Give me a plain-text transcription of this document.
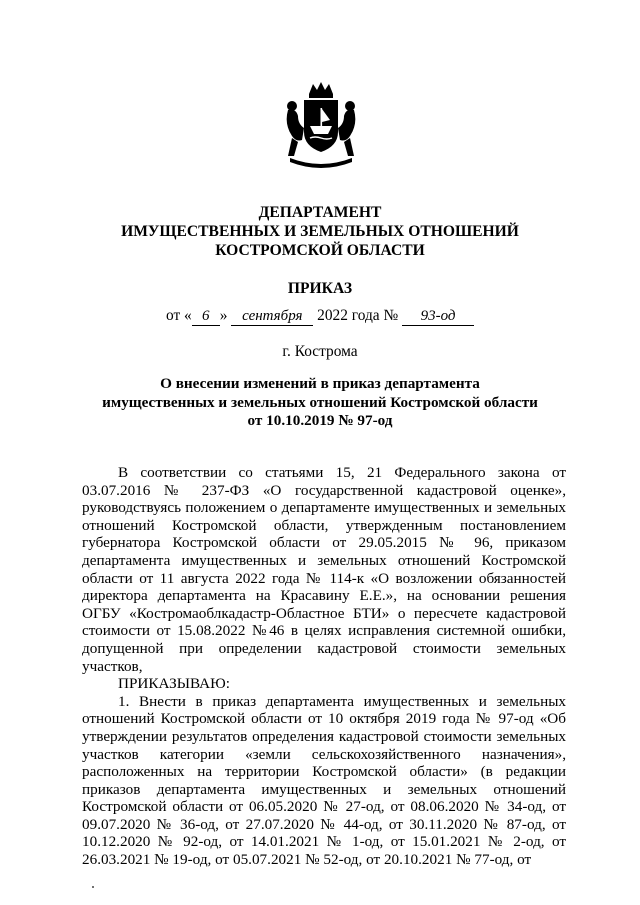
ДЕПАРТАМЕНТ
ИМУЩЕСТВЕННЫХ И ЗЕМЕЛЬНЫХ ОТНОШЕНИЙ
КОСТРОМСКОЙ ОБЛАСТИ
ПРИКАЗ
от « 6 » сентября 2022 года № 93-од
г. Кострома
О внесении изменений в приказ департамента
имущественных и земельных отношений Костромской области
от 10.10.2019 № 97-од

В соответствии со статьями 15, 21 Федерального закона от 03.07.2016 № 237-ФЗ «О государственной кадастровой оценке», руководствуясь положением о департаменте имущественных и земельных отношений Костромской области, утвержденным постановлением губернатора Костромской области от 29.05.2015 № 96, приказом департамента имущественных и земельных отношений Костромской области от 11 августа 2022 года № 114-к «О возложении обязанностей директора департамента на Красавину Е.Е.», на основании решения ОГБУ «Костромаоблкадастр-Областное БТИ» о пересчете кадастровой стоимости от 15.08.2022 №46 в целях исправления системной ошибки, допущенной при определении кадастровой стоимости земельных участков,

ПРИКАЗЫВАЮ:

1. Внести в приказ департамента имущественных и земельных отношений Костромской области от 10 октября 2019 года № 97-од «Об утверждении результатов определения кадастровой стоимости земельных участков категории «земли сельскохозяйственного назначения», расположенных на территории Костромской области» (в редакции приказов департамента имущественных и земельных отношений Костромской области от 06.05.2020 № 27-од, от 08.06.2020 № 34-од, от 09.07.2020 № 36-од, от 27.07.2020 № 44-од, от 30.11.2020 № 87-од, от 10.12.2020 № 92-од, от 14.01.2021 № 1-од, от 15.01.2021 № 2-од, от 26.03.2021 № 19-од, от 05.07.2021 № 52-од, от 20.10.2021 № 77-од, от
